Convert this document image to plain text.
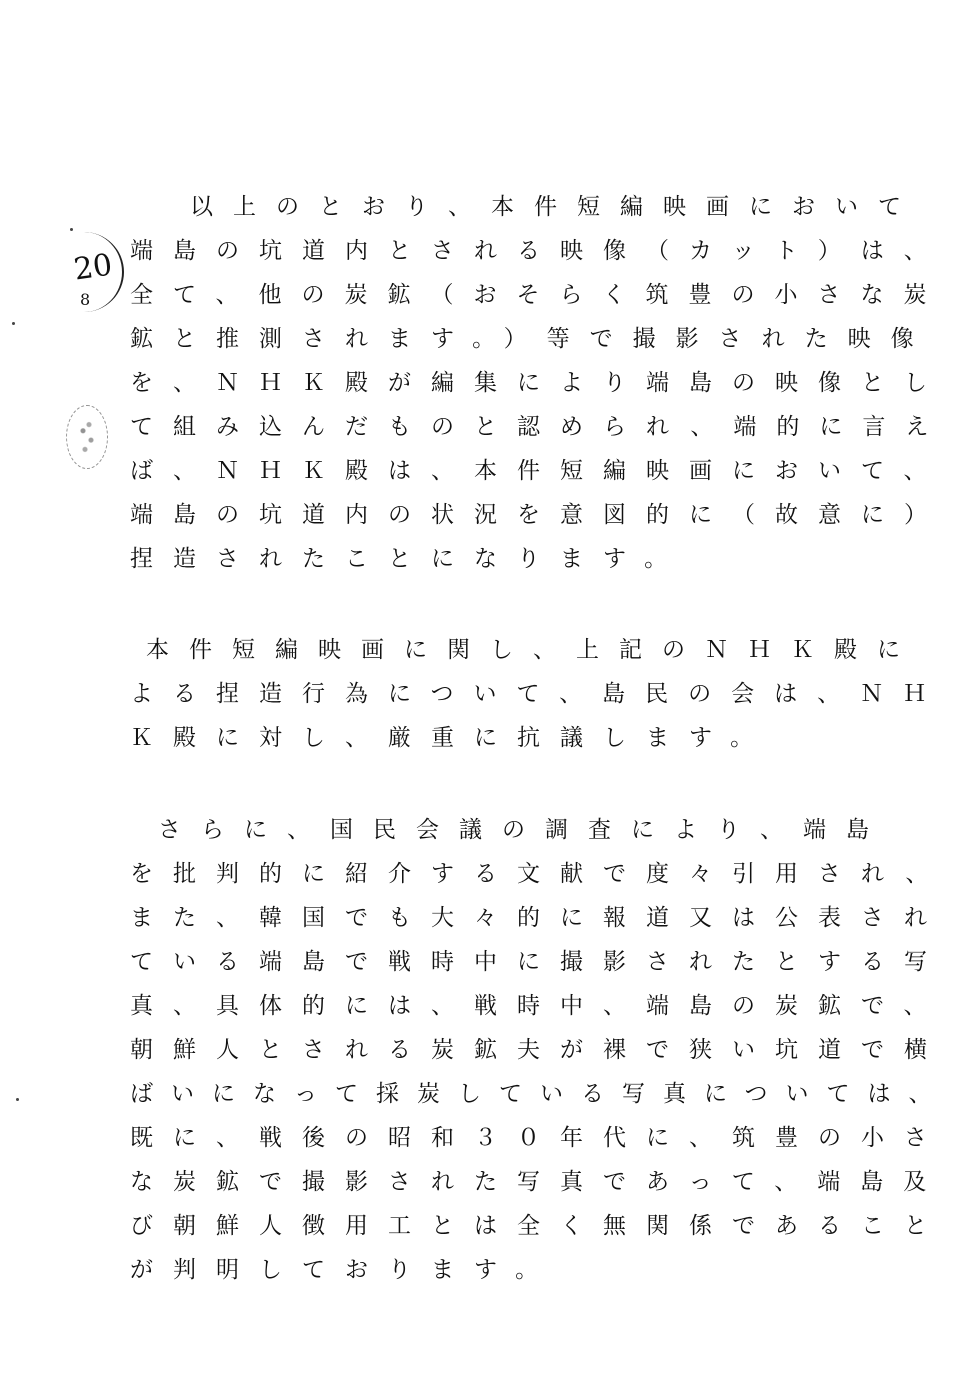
20
8
以上のとおり、本件短編映画において
端島の坑道内とされる映像（カット）は、
全て、他の炭鉱（おそらく筑豊の小さな炭
鉱と推測されます。）等で撮影された映像
を、ＮＨＫ殿が編集により端島の映像とし
て組み込んだものと認められ、端的に言え
ば、ＮＨＫ殿は、本件短編映画において、
端島の坑道内の状況を意図的に（故意に）
捏造されたことになります。
本件短編映画に関し、上記のＮＨＫ殿に
よる捏造行為について、島民の会は、ＮＨ
Ｋ殿に対し、厳重に抗議します。
さらに、国民会議の調査により、端島
を批判的に紹介する文献で度々引用され、
また、韓国でも大々的に報道又は公表され
ている端島で戦時中に撮影されたとする写
真、具体的には、戦時中、端島の炭鉱で、
朝鮮人とされる炭鉱夫が裸で狭い坑道で横
ばいになって採炭している写真については、
既に、戦後の昭和３０年代に、筑豊の小さ
な炭鉱で撮影された写真であって、端島及
び朝鮮人徴用工とは全く無関係であること
が判明しております。
